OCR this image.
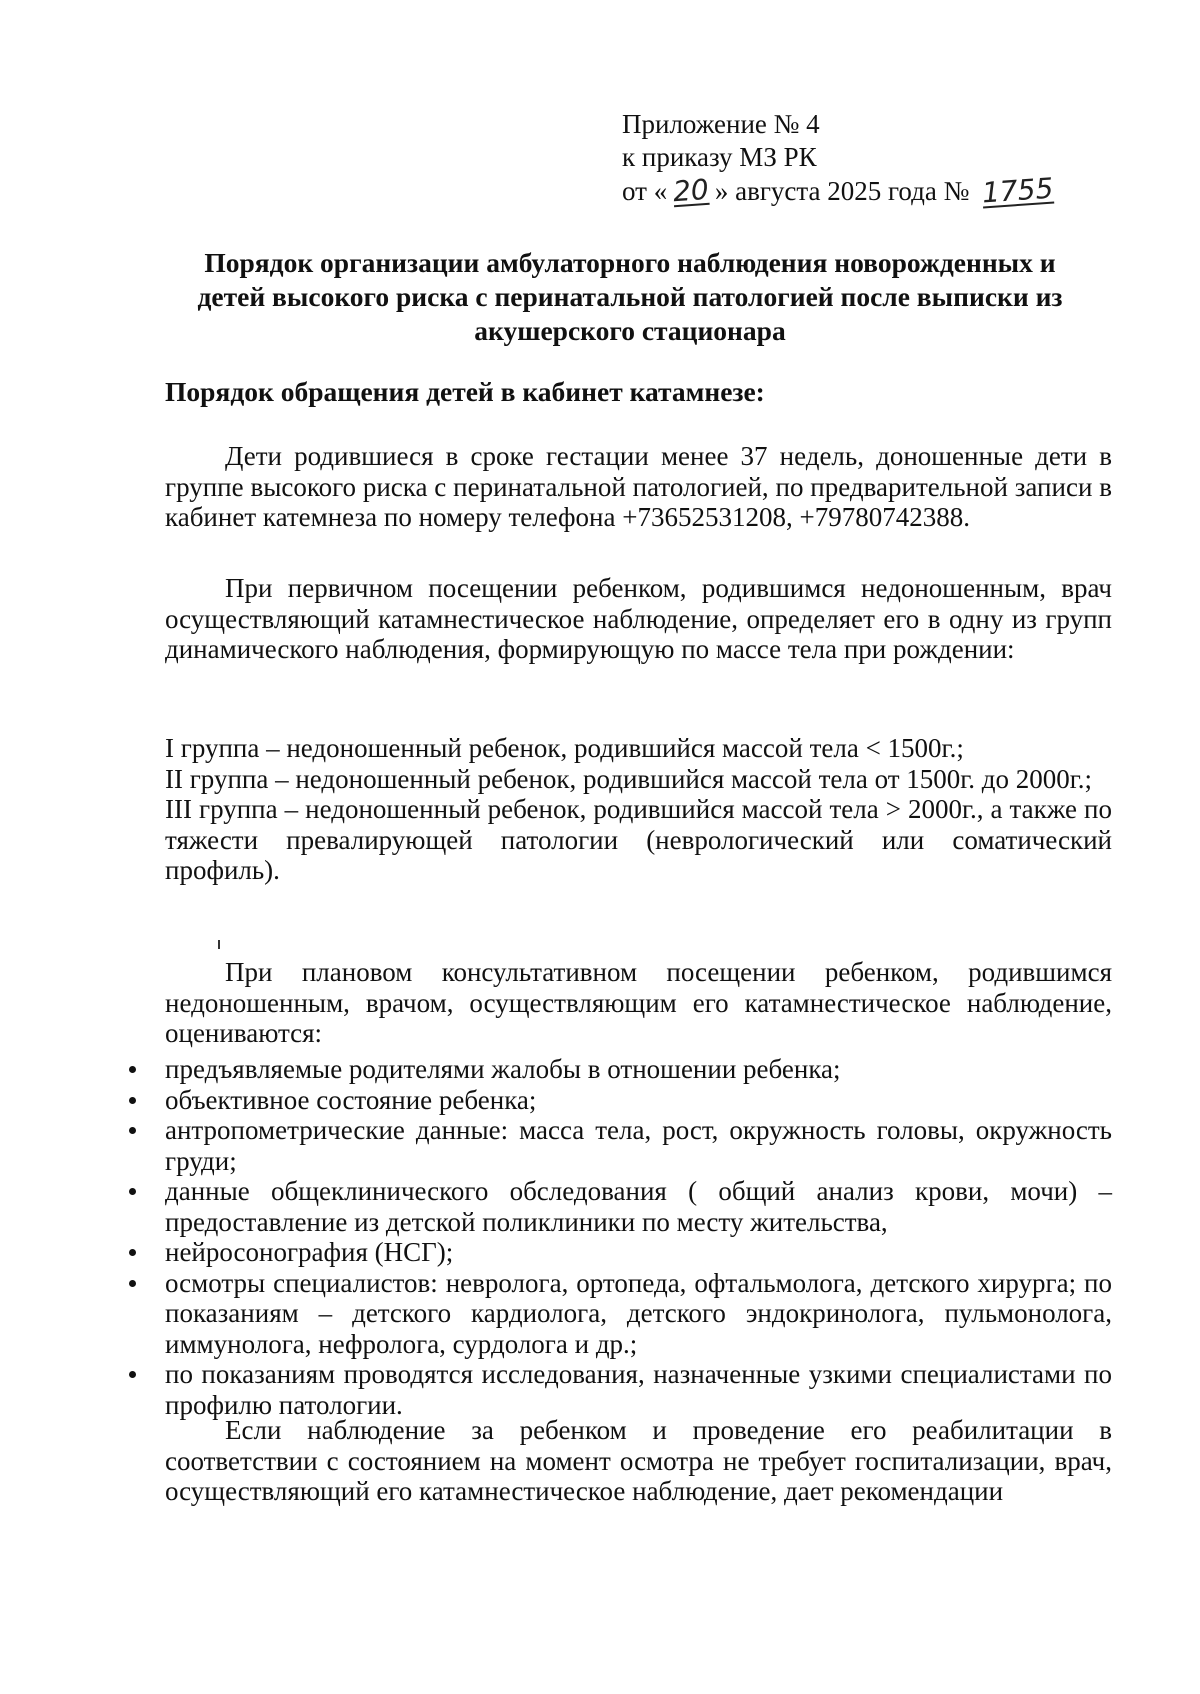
Приложение № 4
к приказу МЗ РК
от « 20 » августа 2025 года № 1755
Порядок организации амбулаторного наблюдения новорожденных и
детей высокого риска с перинатальной патологией после выписки из
акушерского стационара
Порядок обращения детей в кабинет катамнезе:

Дети родившиеся в сроке гестации менее 37 недель, доношенные дети в группе высокого риска с перинатальной патологией, по предварительной записи в кабинет катемнеза по номеру телефона +73652531208, +79780742388.

При первичном посещении ребенком, родившимся недоношенным, врач осуществляющий катамнестическое наблюдение, определяет его в одну из групп динамического наблюдения, формирующую по массе тела при рождении:

I группа – недоношенный ребенок, родившийся массой тела < 1500г.;

II группа – недоношенный ребенок, родившийся массой тела от 1500г. до 2000г.;

III группа – недоношенный ребенок, родившийся массой тела > 2000г., а также по тяжести превалирующей патологии (неврологический или соматический профиль).

При плановом консультативном посещении ребенком, родившимся недоношенным, врачом, осуществляющим его катамнестическое наблюдение, оцениваются:

предъявляемые родителями жалобы в отношении ребенка;
объективное состояние ребенка;
антропометрические данные: масса тела, рост, окружность головы, окружность груди;
данные общеклинического обследования ( общий анализ крови, мочи) – предоставление из детской поликлиники по месту жительства,
нейросонография (НСГ);
осмотры специалистов: невролога, ортопеда, офтальмолога, детского хирурга; по показаниям – детского кардиолога, детского эндокринолога, пульмонолога, иммунолога, нефролога, сурдолога и др.;
по показаниям проводятся исследования, назначенные узкими специалистами по профилю патологии.

Если наблюдение за ребенком и проведение его реабилитации в соответствии с состоянием на момент осмотра не требует госпитализации, врач, осуществляющий его катамнестическое наблюдение, дает рекомендации
